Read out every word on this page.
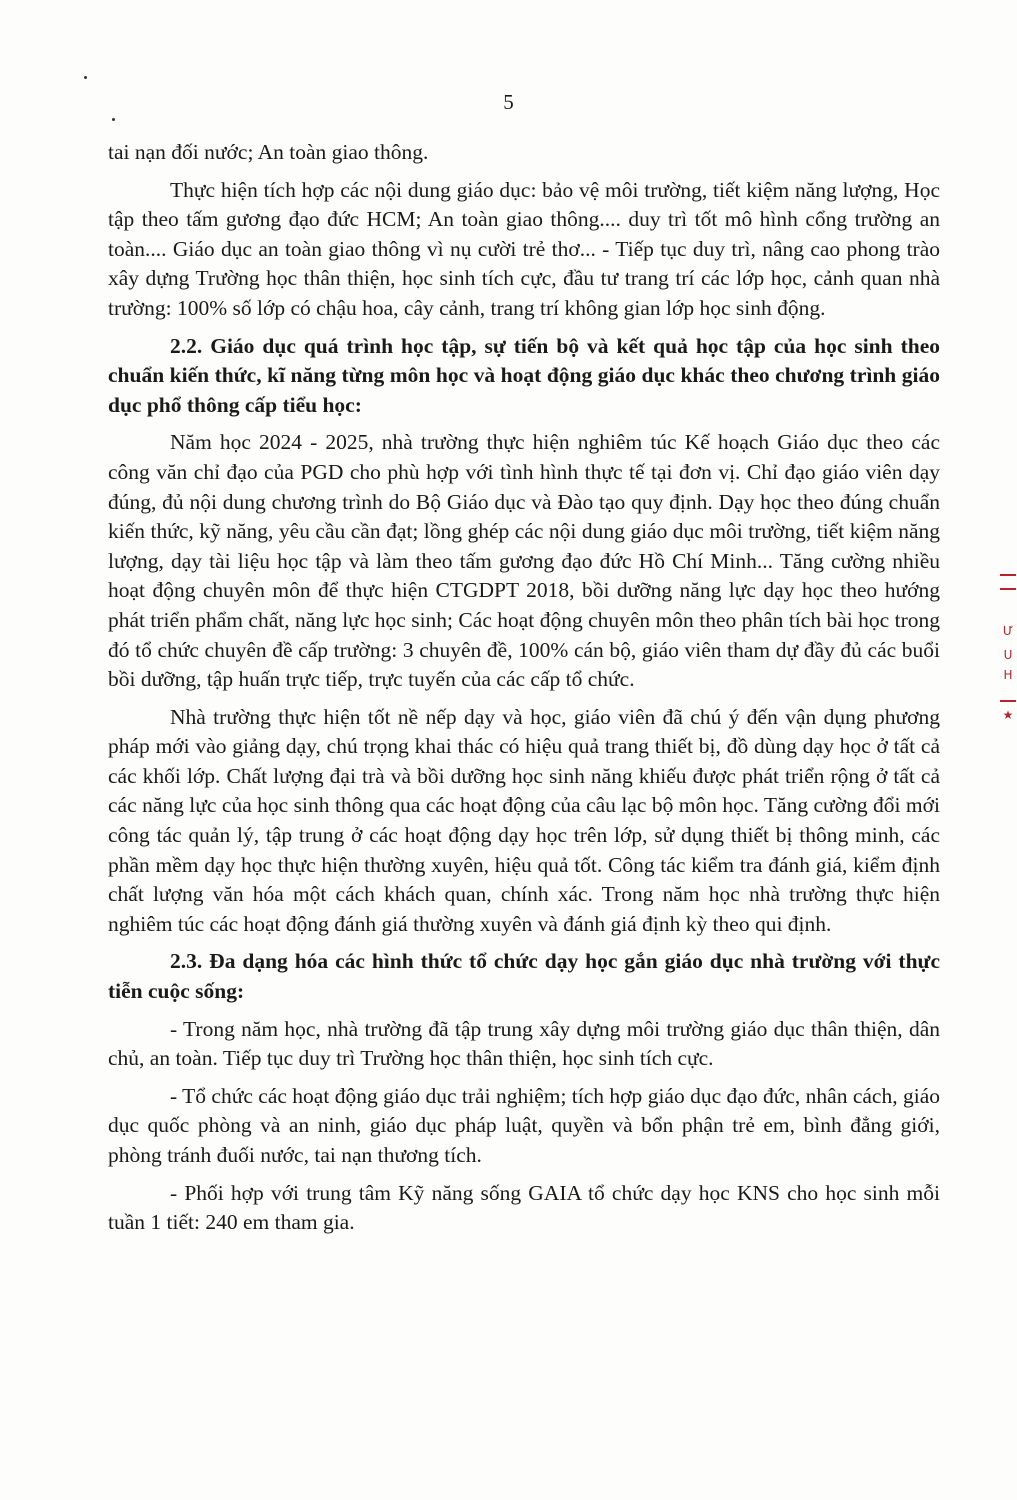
5

tai nạn đối nước; An toàn giao thông.

Thực hiện tích hợp các nội dung giáo dục: bảo vệ môi trường, tiết kiệm năng lượng, Học tập theo tấm gương đạo đức HCM; An toàn giao thông.... duy trì tốt mô hình cổng trường an toàn.... Giáo dục an toàn giao thông vì nụ cười trẻ thơ... - Tiếp tục duy trì, nâng cao phong trào xây dựng Trường học thân thiện, học sinh tích cực, đầu tư trang trí các lớp học, cảnh quan nhà trường: 100% số lớp có chậu hoa, cây cảnh, trang trí không gian lớp học sinh động.

2.2. Giáo dục quá trình học tập, sự tiến bộ và kết quả học tập của học sinh theo chuẩn kiến thức, kĩ năng từng môn học và hoạt động giáo dục khác theo chương trình giáo dục phổ thông cấp tiểu học:

Năm học 2024 - 2025, nhà trường thực hiện nghiêm túc Kế hoạch Giáo dục theo các công văn chỉ đạo của PGD cho phù hợp với tình hình thực tế tại đơn vị. Chỉ đạo giáo viên dạy đúng, đủ nội dung chương trình do Bộ Giáo dục và Đào tạo quy định. Dạy học theo đúng chuẩn kiến thức, kỹ năng, yêu cầu cần đạt; lồng ghép các nội dung giáo dục môi trường, tiết kiệm năng lượng, dạy tài liệu học tập và làm theo tấm gương đạo đức Hồ Chí Minh... Tăng cường nhiều hoạt động chuyên môn để thực hiện CTGDPT 2018, bồi dưỡng năng lực dạy học theo hướng phát triển phẩm chất, năng lực học sinh; Các hoạt động chuyên môn theo phân tích bài học trong đó tổ chức chuyên đề cấp trường: 3 chuyên đề, 100% cán bộ, giáo viên tham dự đầy đủ các buổi bồi dưỡng, tập huấn trực tiếp, trực tuyến của các cấp tổ chức.

Nhà trường thực hiện tốt nề nếp dạy và học, giáo viên đã chú ý đến vận dụng phương pháp mới vào giảng dạy, chú trọng khai thác có hiệu quả trang thiết bị, đồ dùng dạy học ở tất cả các khối lớp. Chất lượng đại trà và bồi dưỡng học sinh năng khiếu được phát triển rộng ở tất cả các năng lực của học sinh thông qua các hoạt động của câu lạc bộ môn học. Tăng cường đổi mới công tác quản lý, tập trung ở các hoạt động dạy học trên lớp, sử dụng thiết bị thông minh, các phần mềm dạy học thực hiện thường xuyên, hiệu quả tốt. Công tác kiểm tra đánh giá, kiểm định chất lượng văn hóa một cách khách quan, chính xác. Trong năm học nhà trường thực hiện nghiêm túc các hoạt động đánh giá thường xuyên và đánh giá định kỳ theo qui định.

2.3. Đa dạng hóa các hình thức tổ chức dạy học gắn giáo dục nhà trường với thực tiễn cuộc sống:

- Trong năm học, nhà trường đã tập trung xây dựng môi trường giáo dục thân thiện, dân chủ, an toàn. Tiếp tục duy trì Trường học thân thiện, học sinh tích cực.

- Tổ chức các hoạt động giáo dục trải nghiệm; tích hợp giáo dục đạo đức, nhân cách, giáo dục quốc phòng và an ninh, giáo dục pháp luật, quyền và bổn phận trẻ em, bình đẳng giới, phòng tránh đuối nước, tai nạn thương tích.

- Phối hợp với trung tâm Kỹ năng sống GAIA tổ chức dạy học KNS cho học sinh mỗi tuần 1 tiết: 240 em tham gia.

Ư
U
H
★
